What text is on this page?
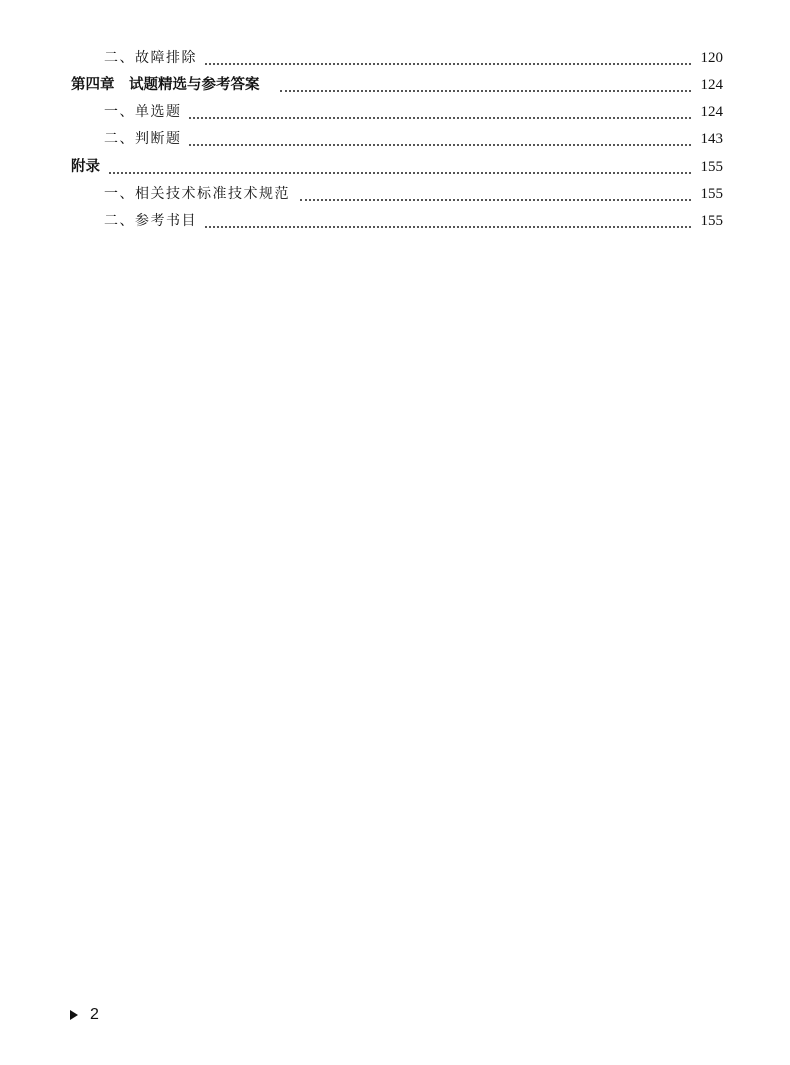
二、故障排除	120
第四章　试题精选与参考答案	124
一、单选题	124
二、判断题	143
附录	155
一、相关技术标准技术规范	155
二、参考书目	155
2
